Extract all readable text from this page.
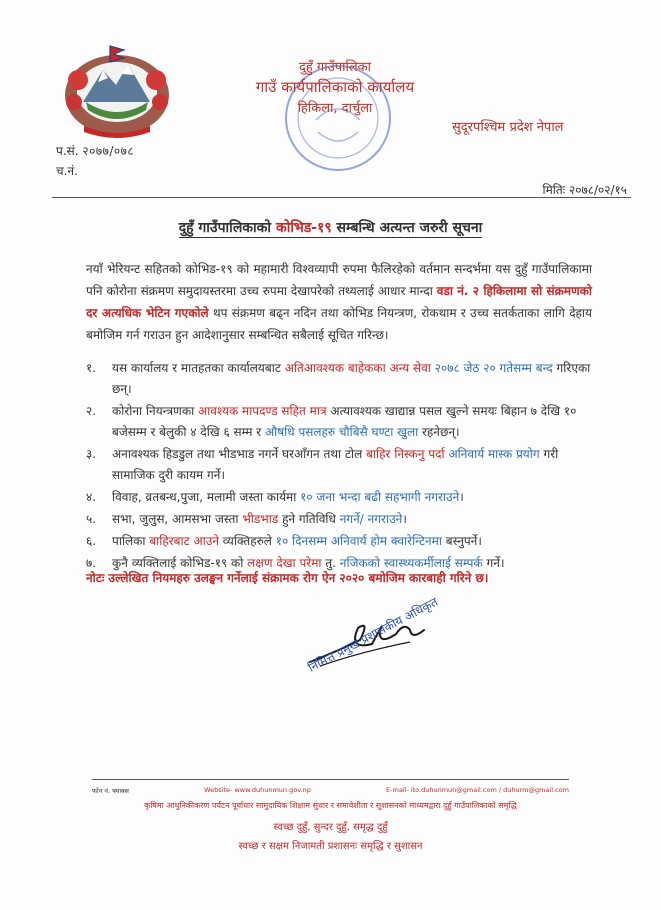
प.सं. २०७७/०७८
च.नं.
दुहुँ गाउँपालिका
गाउँ कार्यपालिकाको कार्यालय
हिकिला, दार्चुला
सुदूरपश्चिम प्रदेश नेपाल
मितिः २०७८/०२/१५
दुहुँ गाउँपालिकाको कोभिड-१९ सम्बन्धि अत्यन्त जरुरी सूचना
नयाँ भेरियन्ट सहितको कोभिड-१९ को महामारी विश्वव्यापी रुपमा फैलिरहेको वर्तमान सन्दर्भमा यस दुहुँ गाउँपालिकामा पनि कोरोना संक्रमण समुदायस्तरमा उच्च रुपमा देखापरेको तथ्यलाई आधार मान्दा वडा नं. २ हिकिलामा सो संक्रमणको दर अत्यधिक भेटिन गएकोले थप संक्रमण बढ्न नदिन तथा कोभिड नियन्त्रण, रोकथाम र उच्च सतर्कताका लागि देहाय बमोजिम गर्न गराउन हुन आदेशानुसार सम्बन्धित सबैलाई सूचित गरिन्छ।
१.	यस कार्यालय र मातहतका कार्यालयबाट अतिआवश्यक बाहेकका अन्य सेवा २०७८ जेठ २० गतेसम्म बन्द गरिएका छन्।
२.	कोरोना नियन्त्रणका आवश्यक मापदण्ड सहित मात्र अत्यावश्यक खाद्यान्न पसल खुल्ने समयः बिहान ७ देखि १० बजेसम्म र बेलुकी ४ देखि ६ सम्म र औषधि पसलहरु चौबिसै घण्टा खुला रहनेछन्।
३.	अनावश्यक हिडडुल तथा भीडभाड नगर्ने घरआँगन तथा टोल बाहिर निस्कनु पर्दा अनिवार्य मास्क प्रयोग गरी सामाजिक दुरी कायम गर्ने।
४.	विवाह, व्रतबन्ध,पुजा, मलामी जस्ता कार्यमा १० जना भन्दा बढी सहभागी नगराउने।
५.	सभा, जुलुस, आमसभा जस्ता भीडभाड हुने गतिविधि नगर्ने/ नगराउने।
६.	पालिका बाहिरबाट आउने व्यक्तिहरुले १० दिनसम्म अनिवार्य होम क्वारेन्टिनमा बस्नुपर्ने।
७.	कुनै व्यक्तिलाई कोभिड-१९ को लक्षण देखा परेमा तु. नजिकको स्वास्थ्यकर्मीलाई सम्पर्क गर्ने।
नोटः उल्लेखित नियमहरु उलङ्घन गर्नेलाई संक्रामक रोग ऐन २०२० बमोजिम कारबाही गरिने छ।
निमित्त प्रमुख प्रशासकीय अधिकृत
फोन नं. फ्याक्स	Website- www.duhunmun.gov.np	E-mail- ito.duhunmun@gmail.com / duhurm@gmail.com
कृषिमा आधुनिकीकरण पर्यटन पूर्वाधार सामुदायिक शिक्षाम सुधार र समावेशीता र सुशासनको माध्यमद्वारा दुहुँ गाउँपालिकाको समृद्धि
स्वच्छ दुहुँ, सुन्दर दुहुँ, समृद्ध दुहुँ
स्वच्छ र सक्षम निजामती प्रशासनः समृद्धि र सुशासन
